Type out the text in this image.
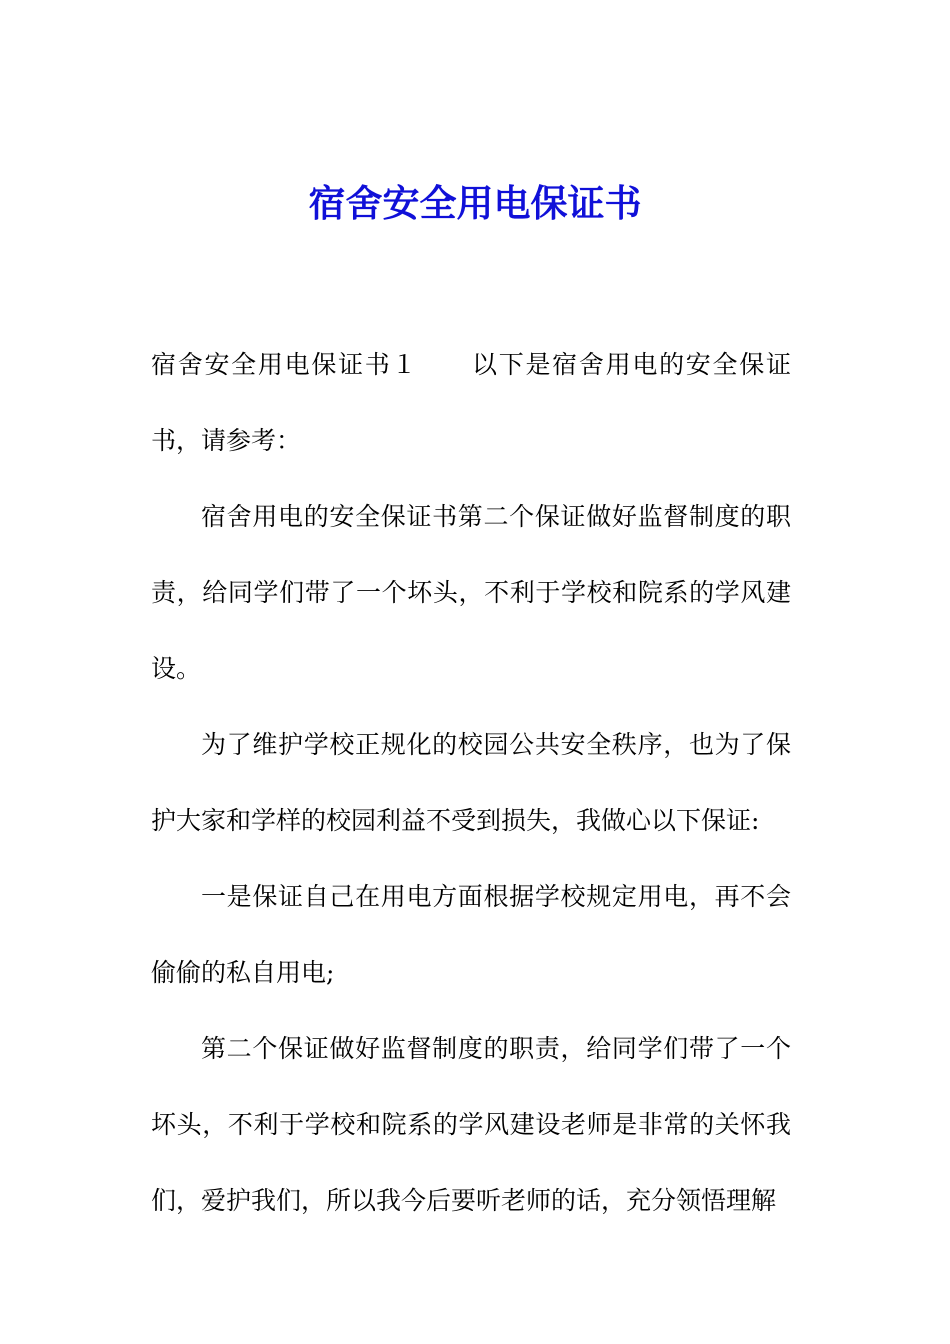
宿舍安全用电保证书

宿舍安全用电保证书１ 以下是宿舍用电的安全保证书，请参考：

宿舍用电的安全保证书第二个保证做好监督制度的职责，给同学们带了一个坏头，不利于学校和院系的学风建设。

为了维护学校正规化的校园公共安全秩序，也为了保护大家和学样的校园利益不受到损失，我做心以下保证:

一是保证自己在用电方面根据学校规定用电，再不会偷偷的私自用电;

第二个保证做好监督制度的职责，给同学们带了一个坏头，不利于学校和院系的学风建设老师是非常的关怀我们，爱护我们，所以我今后要听老师的话，充分领悟理解
